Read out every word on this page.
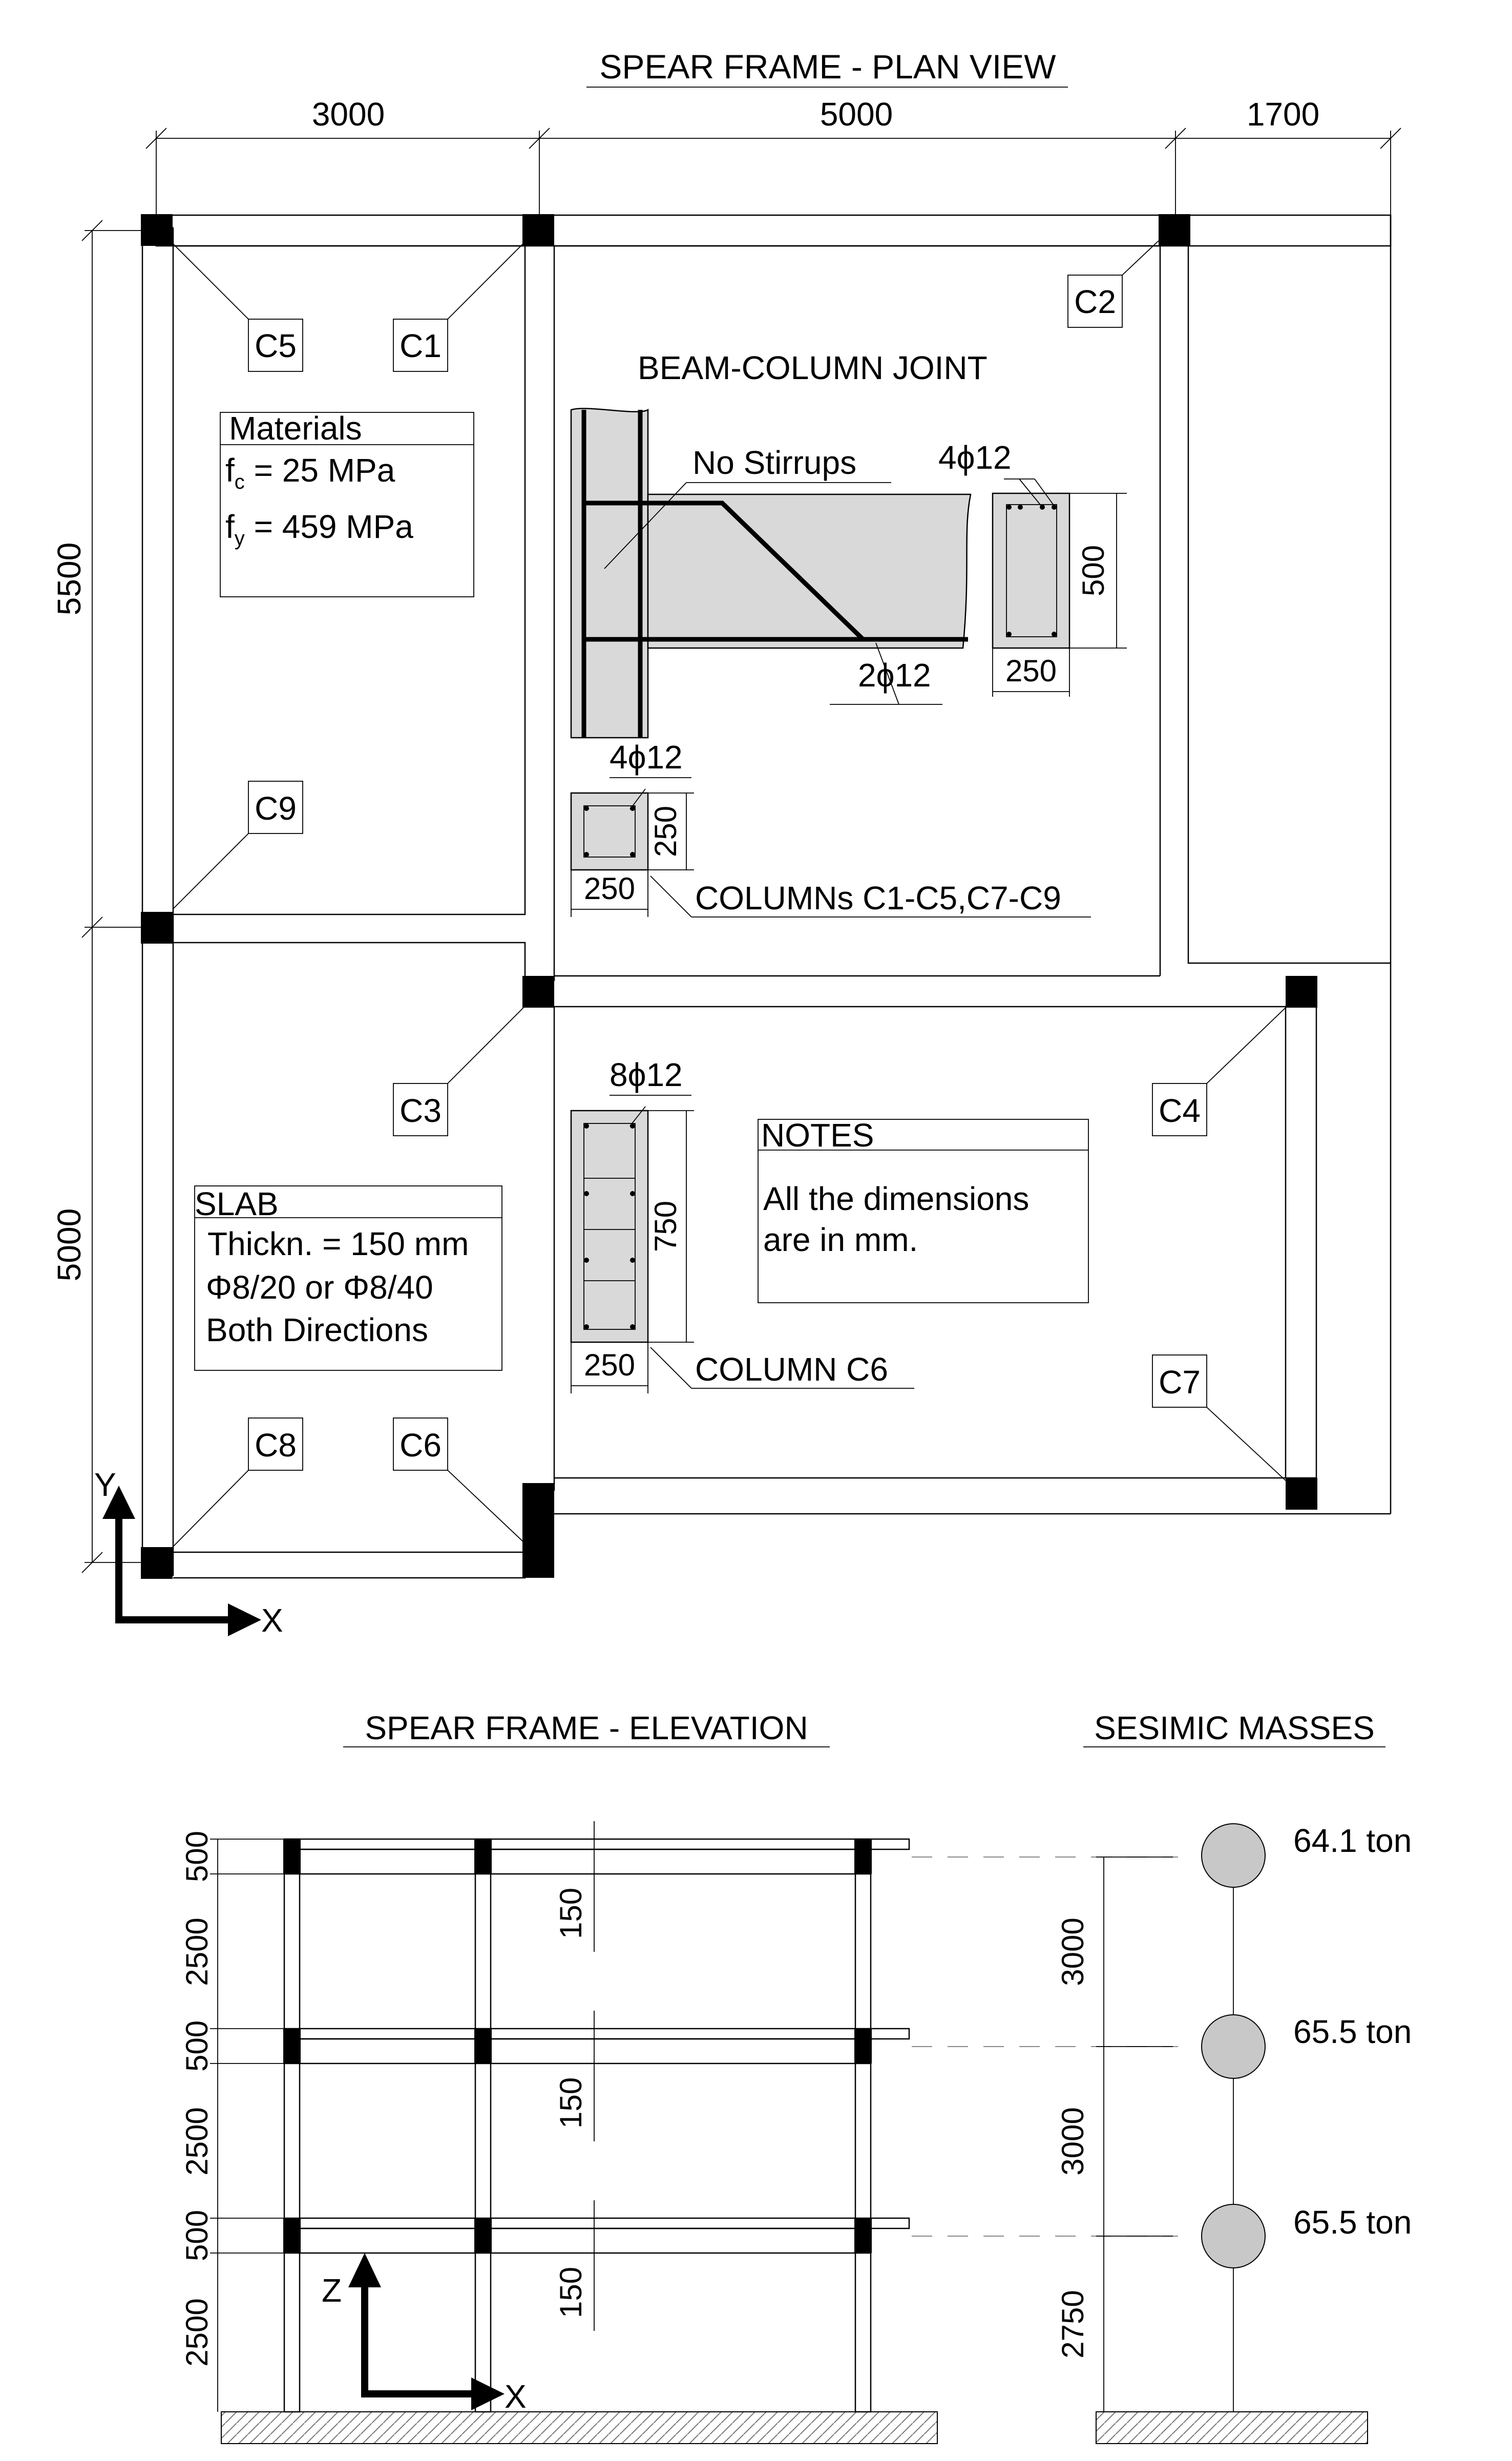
SPEAR FRAME - PLAN VIEW
3000	5000	1700
5500
5000
C5	C1
C2
C9
C3	C4
C8	C6
C7
Materials
$f_c = 25$ MPa
$f_y = 459$ MPa
BEAM-COLUMN JOINT
No Stirrups
2ϕ12
4ϕ12
500
250
4ϕ12
250
250 COLUMNs C1-C5,C7-C9
8ϕ12
750
250 COLUMN C6
NOTES
All the dimensions
are in mm.
SLAB
Thickn. = 150 mm
Φ8/20 or Φ8/40
Both Directions
Y
X
SPEAR FRAME - ELEVATION
500
2500
500
2500
500
2500
150
150
150
Z
X
SESIMIC MASSES
64.1 ton
65.5 ton
65.5 ton
3000
3000
2750
